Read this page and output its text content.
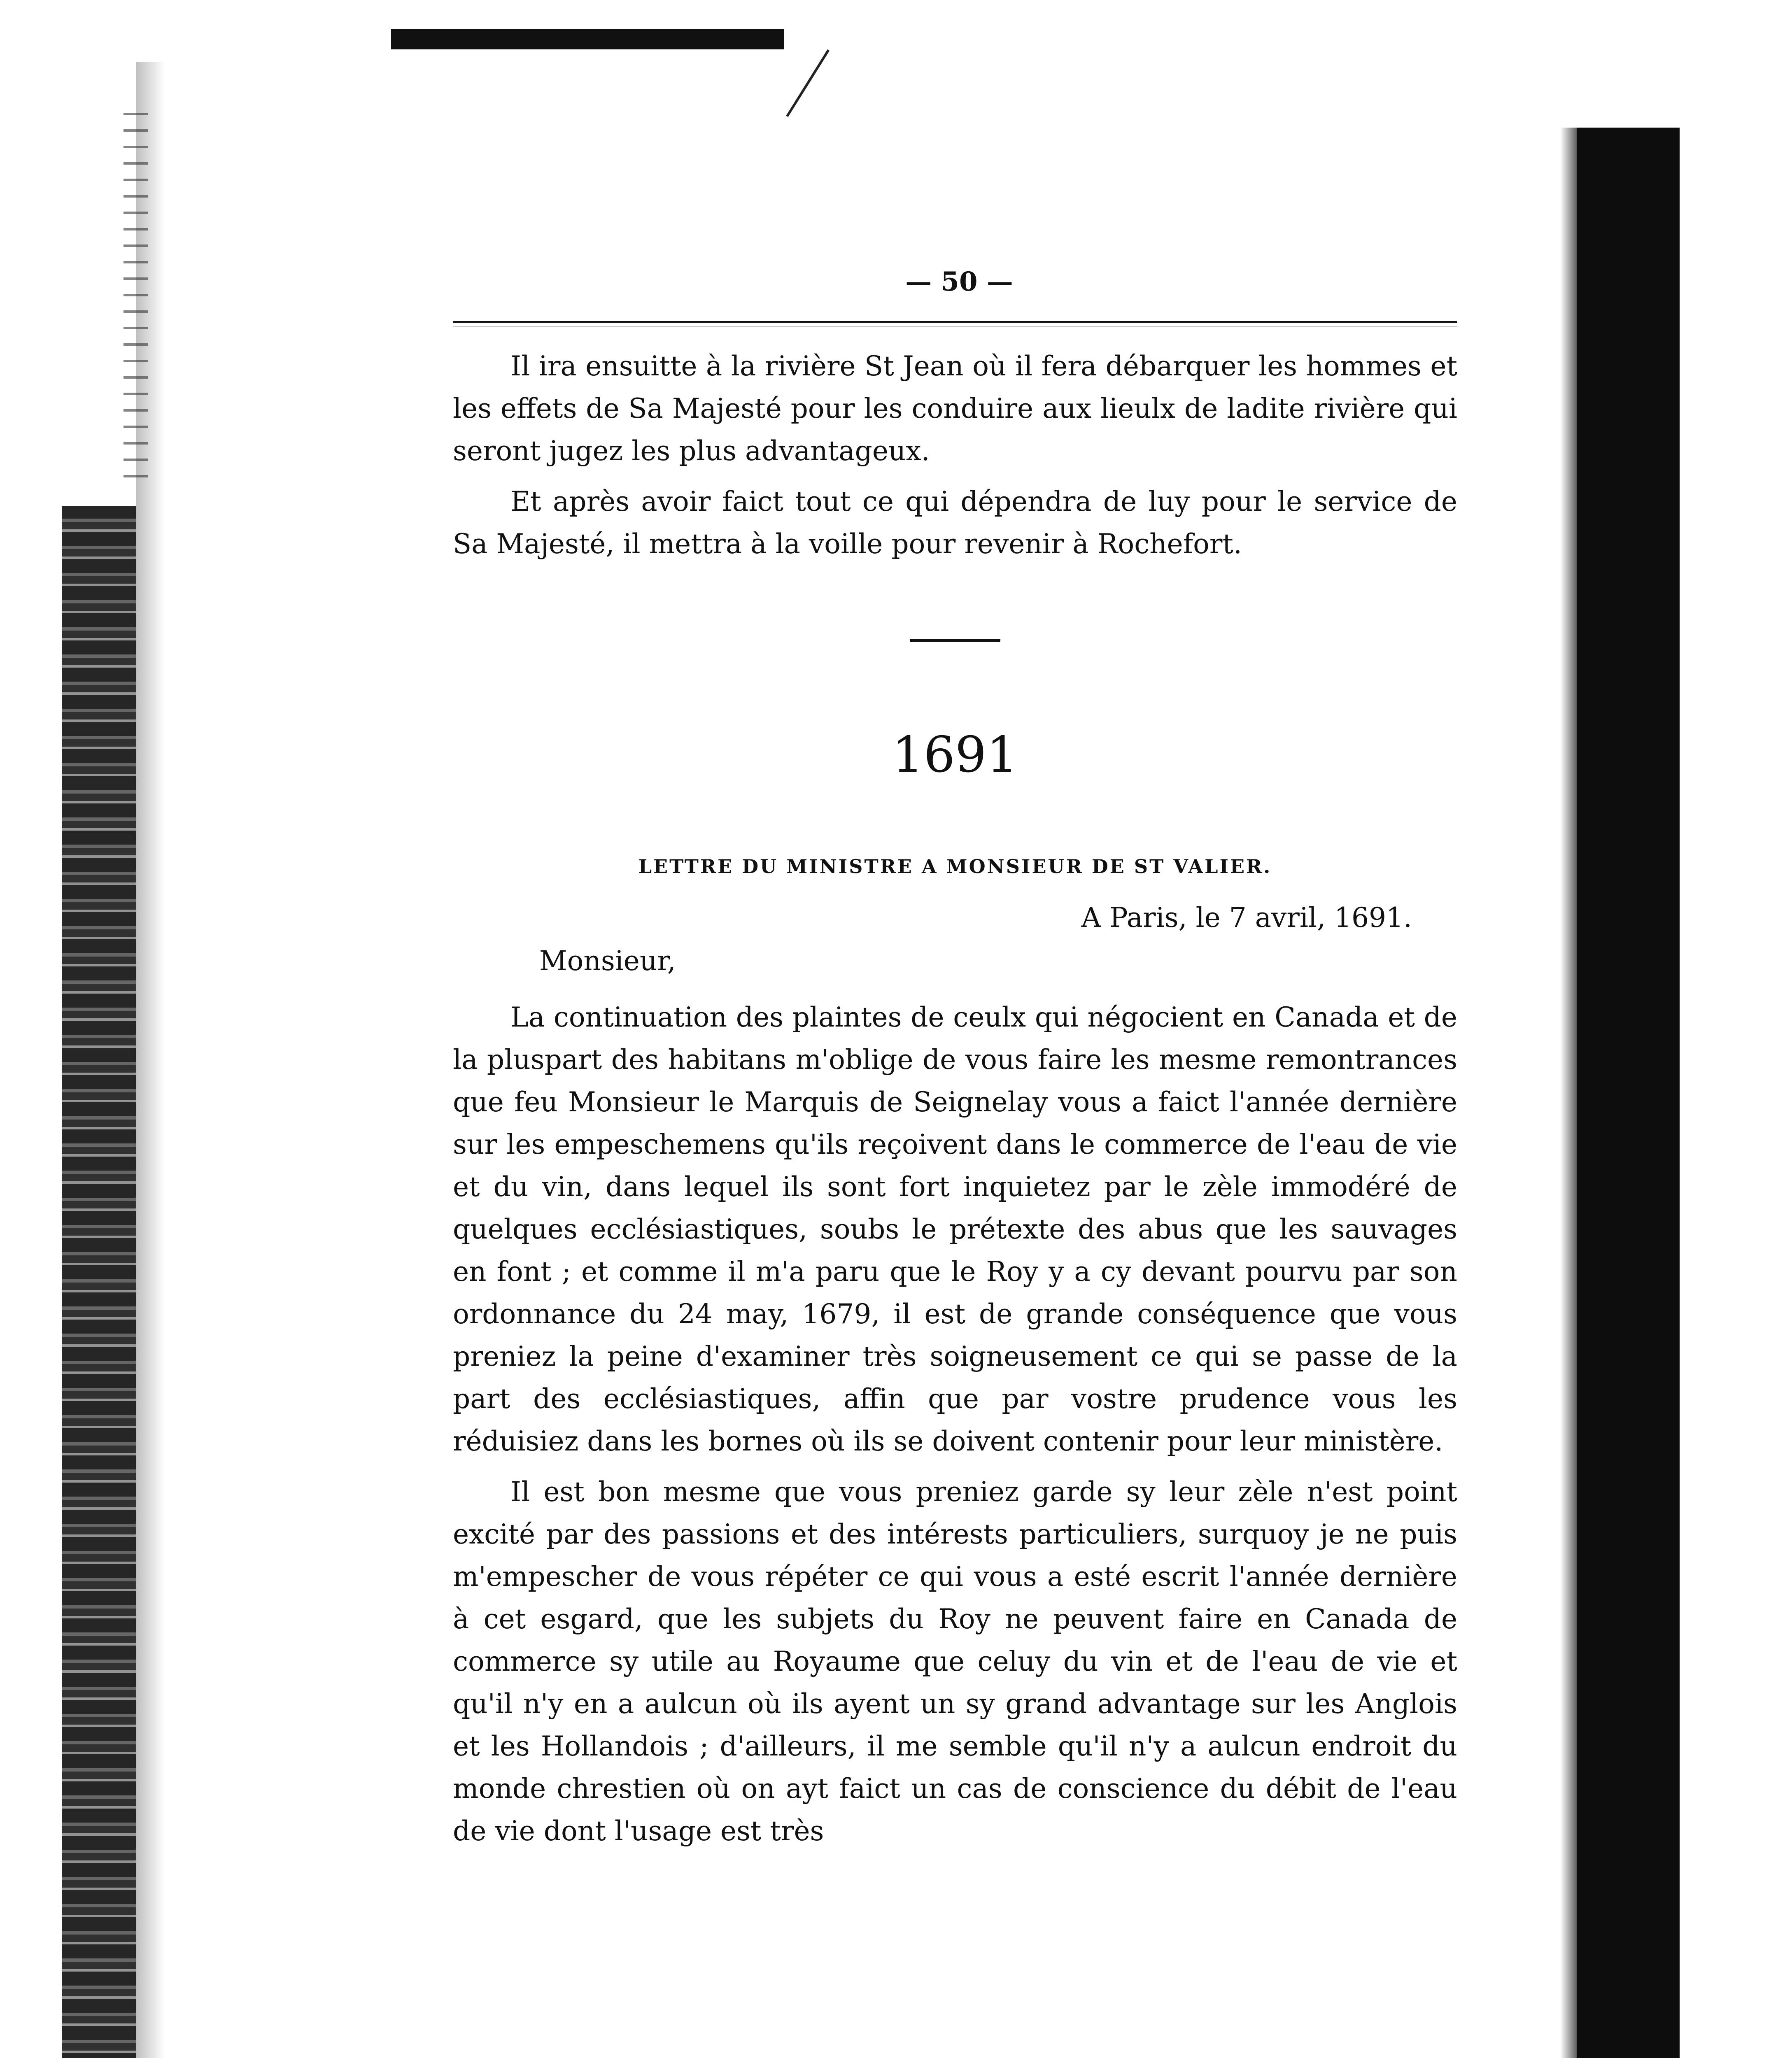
— 50 —

Il ira ensuitte à la rivière St Jean où il fera débarquer les hommes et les effets de Sa Majesté pour les conduire aux lieulx de ladite rivière qui seront jugez les plus advantageux.

Et après avoir faict tout ce qui dépendra de luy pour le service de Sa Majesté, il mettra à la voille pour revenir à Rochefort.

1691
LETTRE DU MINISTRE A MONSIEUR DE ST VALIER.
A Paris, le 7 avril, 1691.
Monsieur,

La continuation des plaintes de ceulx qui négocient en Canada et de la pluspart des habitans m'oblige de vous faire les mesme remontrances que feu Monsieur le Marquis de Seignelay vous a faict l'année dernière sur les empeschemens qu'ils reçoivent dans le commerce de l'eau de vie et du vin, dans lequel ils sont fort inquietez par le zèle immodéré de quelques ecclésiastiques, soubs le prétexte des abus que les sauvages en font ; et comme il m'a paru que le Roy y a cy devant pourvu par son ordonnance du 24 may, 1679, il est de grande conséquence que vous preniez la peine d'examiner très soigneusement ce qui se passe de la part des ecclésiastiques, affin que par vostre prudence vous les réduisiez dans les bornes où ils se doivent contenir pour leur ministère.

Il est bon mesme que vous preniez garde sy leur zèle n'est point excité par des passions et des intérests particuliers, surquoy je ne puis m'empescher de vous répéter ce qui vous a esté escrit l'année dernière à cet esgard, que les subjets du Roy ne peuvent faire en Canada de commerce sy utile au Royaume que celuy du vin et de l'eau de vie et qu'il n'y en a aulcun où ils ayent un sy grand advantage sur les Anglois et les Hollandois ; d'ailleurs, il me semble qu'il n'y a aulcun endroit du monde chrestien où on ayt faict un cas de conscience du débit de l'eau de vie dont l'usage est très
